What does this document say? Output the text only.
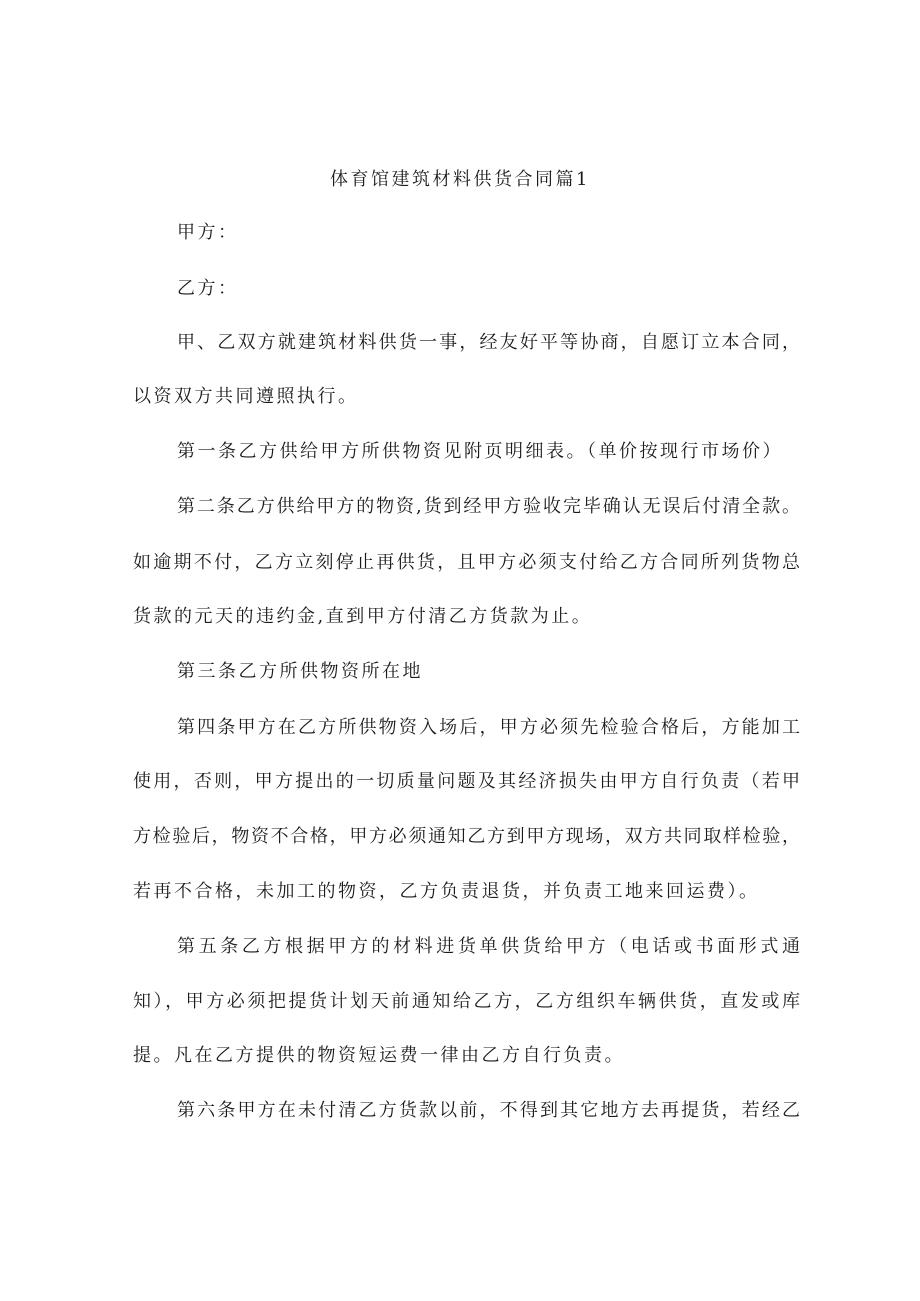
体育馆建筑材料供货合同篇1
甲方：
乙方：
甲、乙双方就建筑材料供货一事，经友好平等协商，自愿订立本合同，
以资双方共同遵照执行。
第一条乙方供给甲方所供物资见附页明细表。（单价按现行市场价）
第二条乙方供给甲方的物资,货到经甲方验收完毕确认无误后付清全款。
如逾期不付，乙方立刻停止再供货，且甲方必须支付给乙方合同所列货物总
货款的元天的违约金,直到甲方付清乙方货款为止。
第三条乙方所供物资所在地
第四条甲方在乙方所供物资入场后，甲方必须先检验合格后，方能加工
使用，否则，甲方提出的一切质量问题及其经济损失由甲方自行负责（若甲
方检验后，物资不合格，甲方必须通知乙方到甲方现场，双方共同取样检验，
若再不合格，未加工的物资，乙方负责退货，并负责工地来回运费）。
第五条乙方根据甲方的材料进货单供货给甲方（电话或书面形式通
知），甲方必须把提货计划天前通知给乙方，乙方组织车辆供货，直发或库
提。凡在乙方提供的物资短运费一律由乙方自行负责。
第六条甲方在未付清乙方货款以前，不得到其它地方去再提货，若经乙
